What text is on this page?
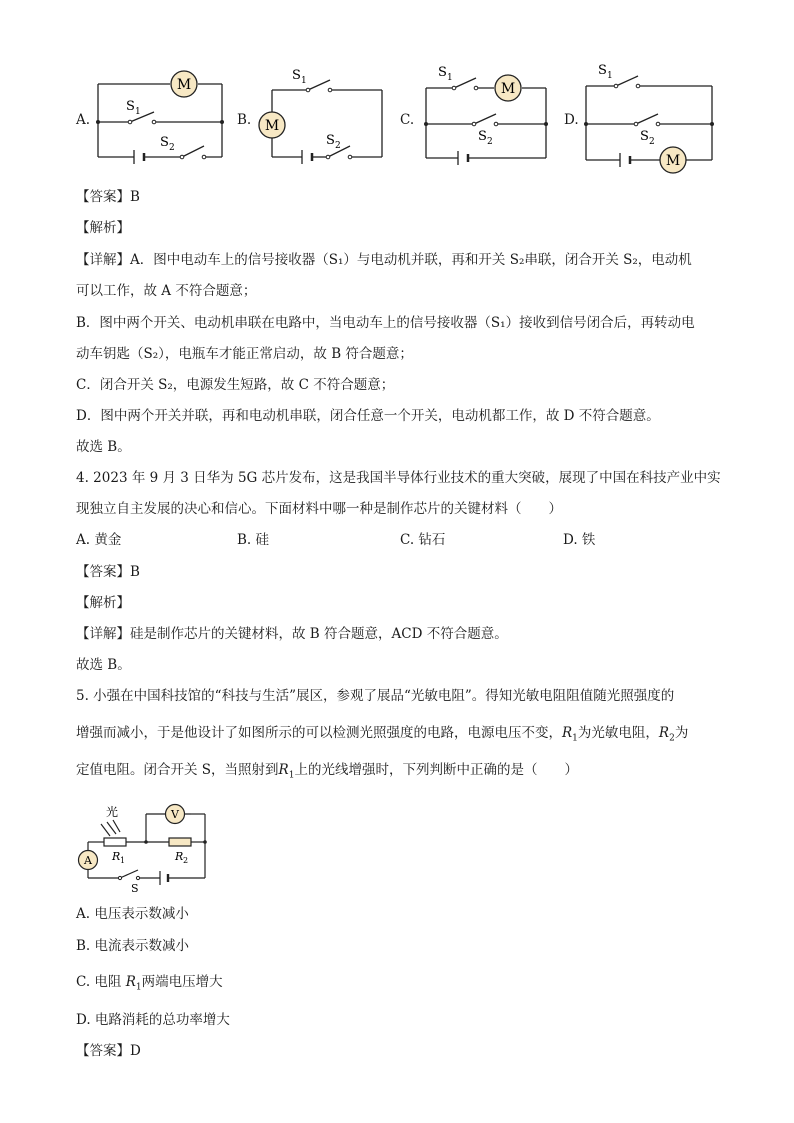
A.	B.	C.	D.
M
S 1
S 2
M
S 1
S 2
M
S 1
S 2
M
S 1
S 2
【答案】B
【解析】
【详解】A．图中电动车上的信号接收器（S₁）与电动机并联，再和开关 S₂串联，闭合开关 S₂，电动机
可以工作，故 A 不符合题意；
B．图中两个开关、电动机串联在电路中，当电动车上的信号接收器（S₁）接收到信号闭合后，再转动电
动车钥匙（S₂），电瓶车才能正常启动，故 B 符合题意；
C．闭合开关 S₂，电源发生短路，故 C 不符合题意；
D．图中两个开关并联，再和电动机串联，闭合任意一个开关，电动机都工作，故 D 不符合题意。
故选 B。
4. 2023 年 9 月 3 日华为 5G 芯片发布，这是我国半导体行业技术的重大突破，展现了中国在科技产业中实
现独立自主发展的决心和信心。下面材料中哪一种是制作芯片的关键材料（　　）
A. 黄金	B. 硅	C. 钻石	D. 铁
【答案】B
【解析】
【详解】硅是制作芯片的关键材料，故 B 符合题意，ACD 不符合题意。
故选 B。
5. 小强在中国科技馆的“科技与生活”展区，参观了展品“光敏电阻”。得知光敏电阻阻值随光照强度的
增强而减小，于是他设计了如图所示的可以检测光照强度的电路，电源电压不变，$R_1$为光敏电阻，$R_2$为
定值电阻。闭合开关 S，当照射到$R_1$上的光线增强时，下列判断中正确的是（　　）
A
V
光
R 1	R 2
S
A. 电压表示数减小
B. 电流表示数减小
C. 电阻 $R_1$两端电压增大
D. 电路消耗的总功率增大
【答案】D
